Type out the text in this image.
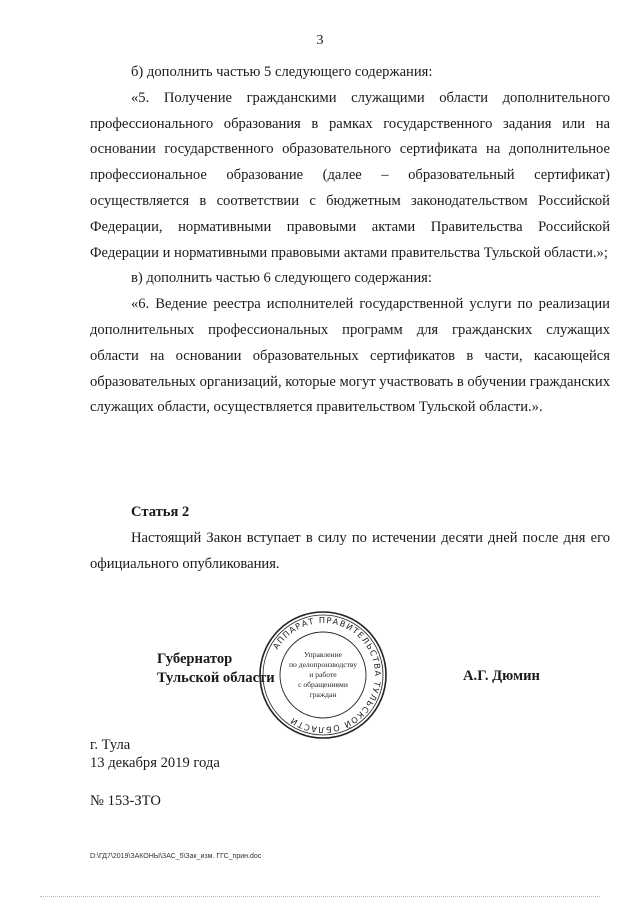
3

б) дополнить частью 5 следующего содержания:

«5. Получение гражданскими служащими области дополнительного профессионального образования в рамках государственного задания или на основании государственного образовательного сертификата на дополнительное профессиональное образование (далее – образовательный сертификат) осуществляется в соответствии с бюджетным законодательством Российской Федерации, нормативными правовыми актами Правительства Российской Федерации и нормативными правовыми актами правительства Тульской области.»;

в) дополнить частью 6 следующего содержания:

«6. Ведение реестра исполнителей государственной услуги по реализации дополнительных профессиональных программ для гражданских служащих области на основании образовательных сертификатов в части, касающейся образовательных организаций, которые могут участвовать в обучении гражданских служащих области, осуществляется правительством Тульской области.».

Статья 2

Настоящий Закон вступает в силу по истечении десяти дней после дня его официального опубликования.

Губернатор
Тульской области
АППАРАТ ПРАВИТЕЛЬСТВА ТУЛЬСКОЙ ОБЛАСТИ
Управление
по делопроизводству
и работе
с обращениями
граждан
А.Г. Дюмин
г. Тула
13 декабря 2019 года
№ 153-ЗТО
D:\ГД7\2019\ЗАКОНЫ\ЗАС_5\Зак_изм. ГГС_прин.doc
